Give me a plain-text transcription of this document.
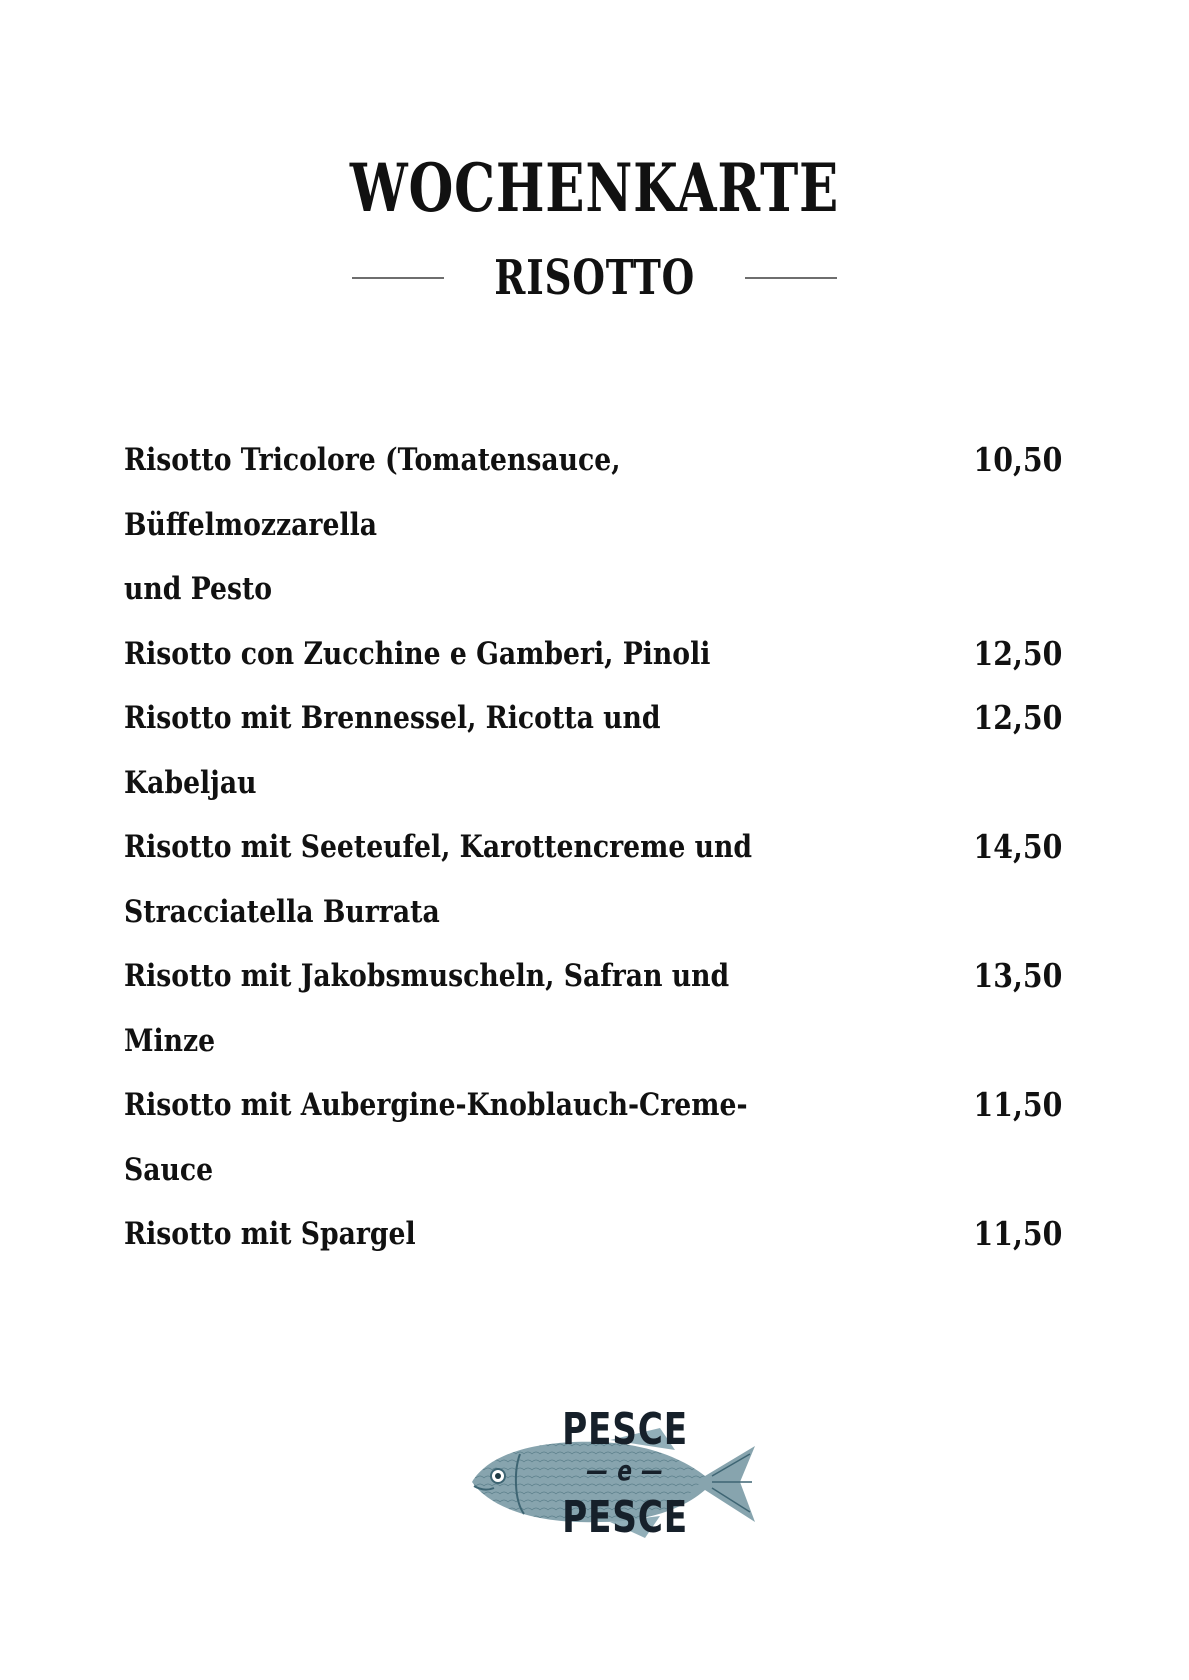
WOCHENKARTE
RISOTTO
Risotto Tricolore (Tomatensauce, Büffelmozzarella
und Pesto
10,50
Risotto con Zucchine e Gamberi, Pinoli	12,50
Risotto mit Brennessel, Ricotta und Kabeljau
12,50
Risotto mit Seeteufel, Karottencreme und
Stracciatella Burrata
14,50
Risotto mit Jakobsmuscheln, Safran und Minze
13,50
Risotto mit Aubergine-Knoblauch-Creme-Sauce
11,50
Risotto mit Spargel	11,50
PESCE
— e —
PESCE
